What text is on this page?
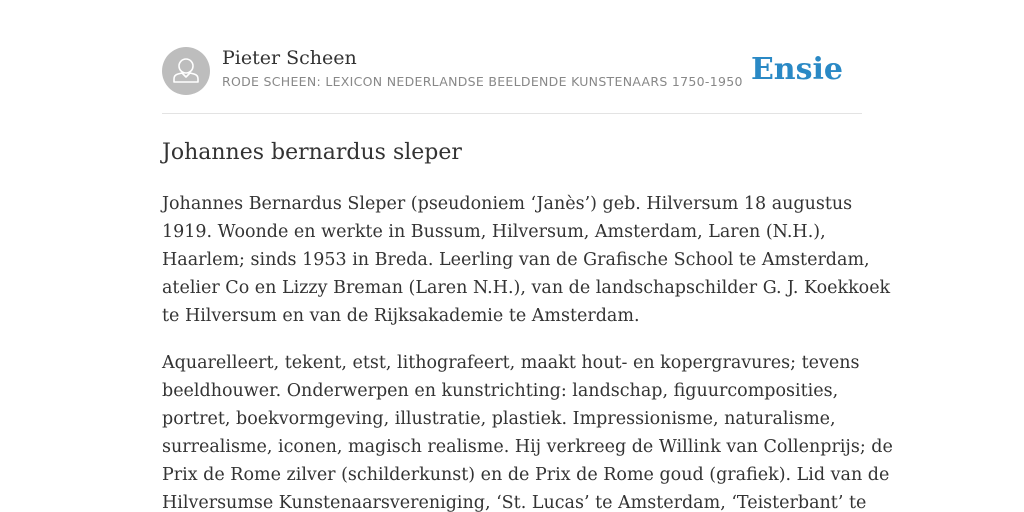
Pieter Scheen
RODE SCHEEN: LEXICON NEDERLANDSE BEELDENDE KUNSTENAARS 1750-1950 Ensie
Johannes bernardus sleper

Johannes Bernardus Sleper (pseudoniem ‘Janès’) geb. Hilversum 18 augustus
1919. Woonde en werkte in Bussum, Hilversum, Amsterdam, Laren (N.H.),
Haarlem; sinds 1953 in Breda. Leerling van de Grafische School te Amsterdam,
atelier Co en Lizzy Breman (Laren N.H.), van de landschapschilder G. J. Koekkoek
te Hilversum en van de Rijksakademie te Amsterdam.

Aquarelleert, tekent, etst, lithografeert, maakt hout- en kopergravures; tevens
beeldhouwer. Onderwerpen en kunstrichting: landschap, figuurcomposities,
portret, boekvormgeving, illustratie, plastiek. Impressionisme, naturalisme,
surrealisme, iconen, magisch realisme. Hij verkreeg de Willink van Collenprijs; de
Prix de Rome zilver (schilderkunst) en de Prix de Rome goud (grafiek). Lid van de
Hilversumse Kunstenaarsvereniging, ‘St. Lucas’ te Amsterdam, ‘Teisterbant’ te
